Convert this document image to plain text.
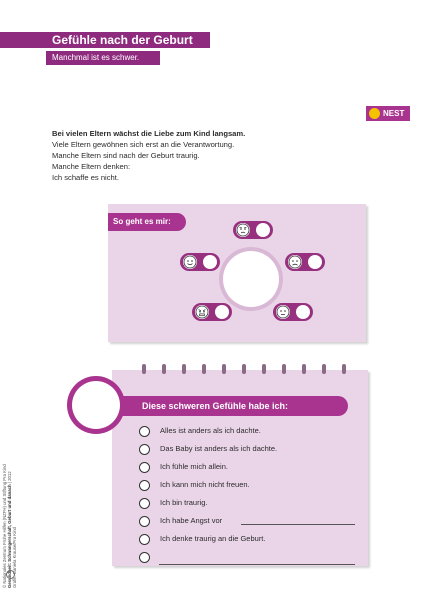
Gefühle nach der Geburt
Manchmal ist es schwer.
NEST
Bei vielen Eltern wächst die Liebe zum Kind langsam.
Viele Eltern gewöhnen sich erst an die Verantwortung.
Manche Eltern sind nach der Geburt traurig.
Manche Eltern denken:
Ich schaffe es nicht.
So geht es mir:
Diese schweren Gefühle habe ich:
Alles ist anders als ich dachte.
Das Baby ist anders als ich dachte.
Ich fühle mich allein.
Ich kann mich nicht freuen.
Ich bin traurig.
Ich habe Angst vor
Ich denke traurig an die Geburt.
© Nationales Zentrum Frühe Hilfen (NZFH) und Stiftung Pro Kind Gesundheit: Schwangerschaft, Geburt und danach | 2012
Grafik: Daniela Krause/Pro Kind
